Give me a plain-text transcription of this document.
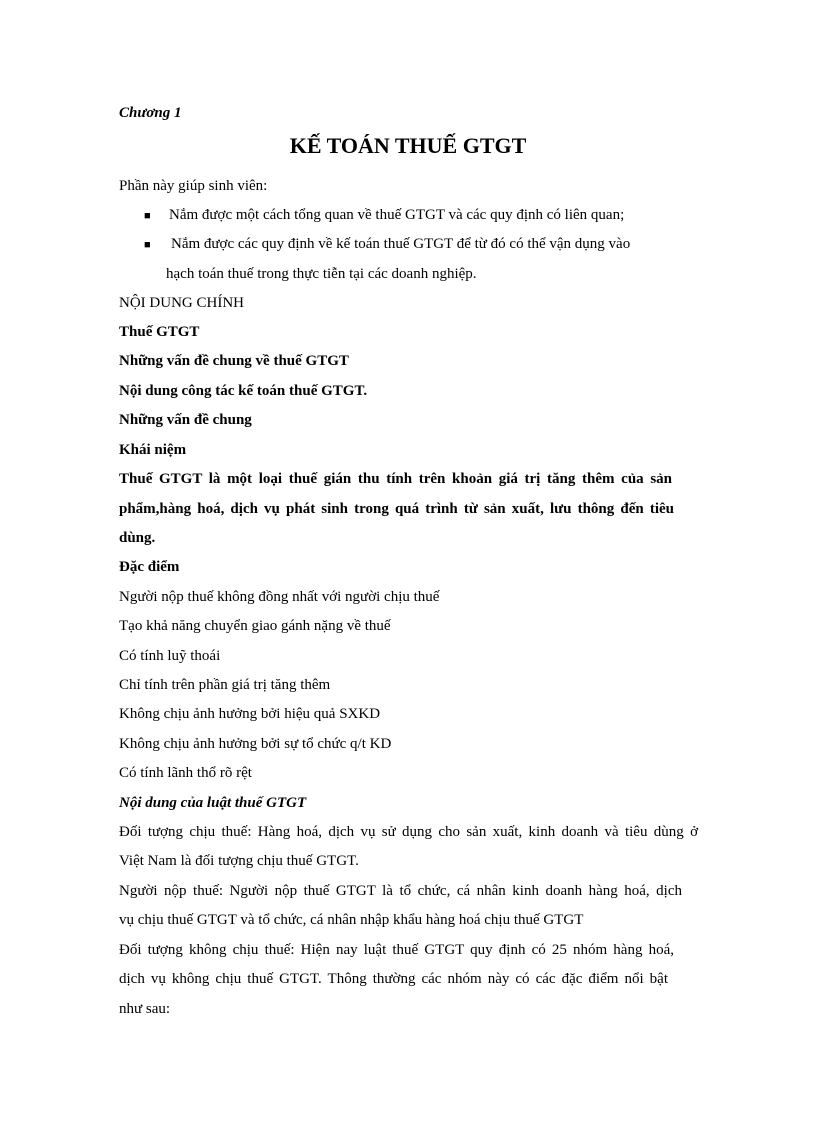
Chương 1
KẾ TOÁN THUẾ GTGT
Phần này giúp sinh viên:
■ Nắm được một cách tổng quan về thuế GTGT và các quy định có liên quan;
■ Nắm được các quy định về kế toán thuế GTGT để từ đó có thể vận dụng vào
hạch toán thuế trong thực tiễn tại các doanh nghiệp.
NỘI DUNG CHÍNH
Thuế GTGT
Những vấn đề chung về thuế GTGT
Nội dung công tác kế toán thuế GTGT.
Những vấn đề chung
Khái niệm
Thuế GTGT là một loại thuế gián thu tính trên khoản giá trị tăng thêm của sản
phẩm,hàng hoá, dịch vụ phát sinh trong quá trình từ sản xuất, lưu thông đến tiêu
dùng.
Đặc điểm
Người nộp thuế không đồng nhất với người chịu thuế
Tạo khả năng chuyển giao gánh nặng về thuế
Có tính luỹ thoái
Chỉ tính trên phần giá trị tăng thêm
Không chịu ảnh hưởng bởi hiệu quả SXKD
Không chịu ảnh hưởng bởi sự tổ chức q/t KD
Có tính lãnh thổ rõ rệt
Nội dung của luật thuế GTGT
Đối tượng chịu thuế: Hàng hoá, dịch vụ sử dụng cho sản xuất, kinh doanh và tiêu dùng ở
Việt Nam là đối tượng chịu thuế GTGT.
Người nộp thuế: Người nộp thuế GTGT là tổ chức, cá nhân kinh doanh hàng hoá, dịch
vụ chịu thuế GTGT và tổ chức, cá nhân nhập khẩu hàng hoá chịu thuế GTGT
Đối tượng không chịu thuế: Hiện nay luật thuế GTGT quy định có 25 nhóm hàng hoá,
dịch vụ không chịu thuế GTGT. Thông thường các nhóm này có các đặc điểm nổi bật
như sau:
